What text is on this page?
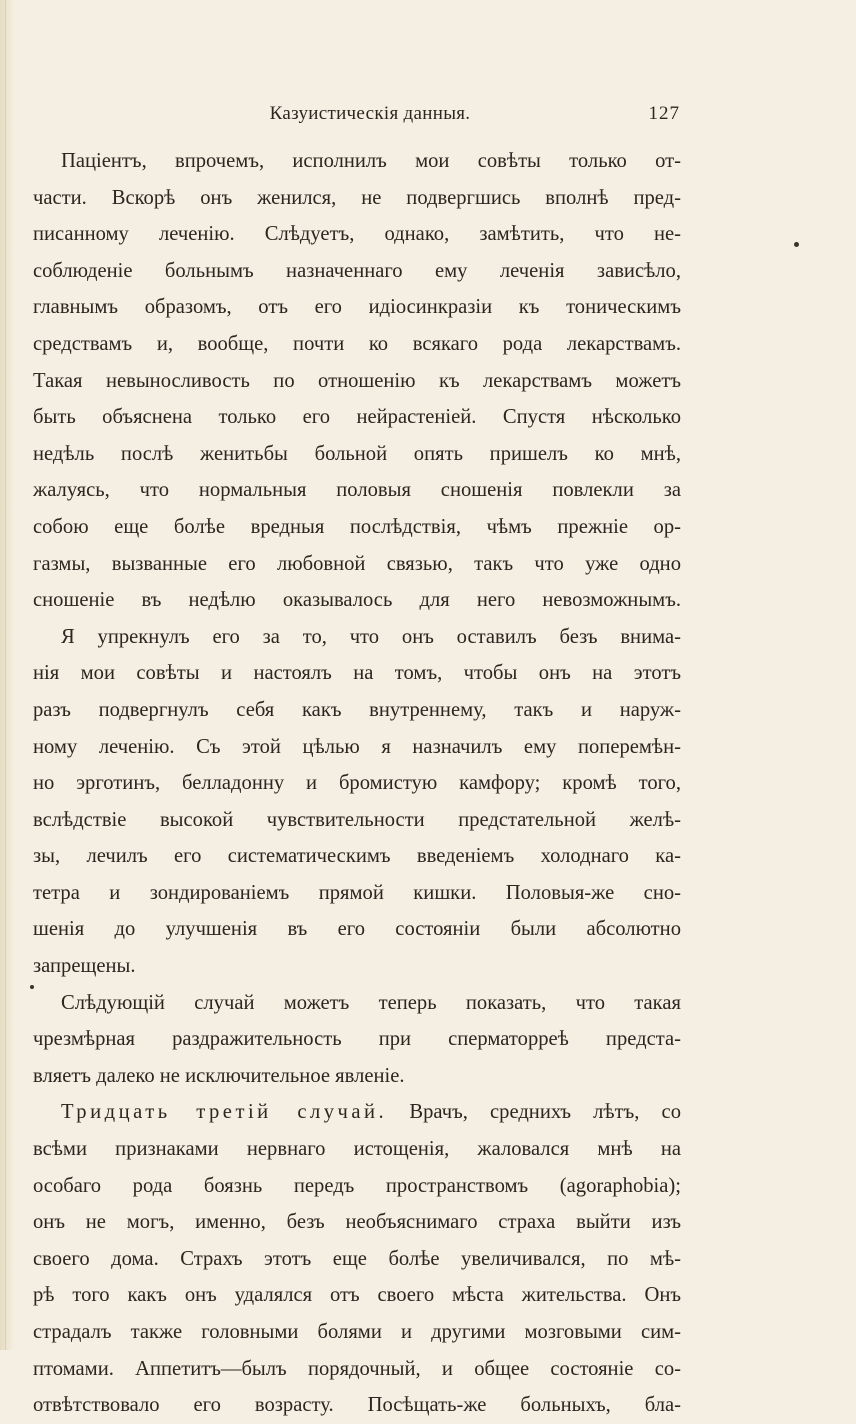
Казуистическія данныя.	127
Паціентъ, впрочемъ, исполнилъ мои совѣты только от-
части. Вскорѣ онъ женился, не подвергшись вполнѣ пред-
писанному леченію. Слѣдуетъ, однако, замѣтить, что не-
соблюденіе больнымъ назначеннаго ему леченія зависѣло,
главнымъ образомъ, отъ его идіосинкразіи къ тоническимъ
средствамъ и, вообще, почти ко всякаго рода лекарствамъ.
Такая невыносливость по отношенію къ лекарствамъ можетъ
быть объяснена только его нейрастеніей. Спустя нѣсколько
недѣль послѣ женитьбы больной опять пришелъ ко мнѣ,
жалуясь, что нормальныя половыя сношенія повлекли за
собою еще болѣе вредныя послѣдствія, чѣмъ прежніе ор-
газмы, вызванные его любовной связью, такъ что уже одно
сношеніе въ недѣлю оказывалось для него невозможнымъ.
Я упрекнулъ его за то, что онъ оставилъ безъ внима-
нія мои совѣты и настоялъ на томъ, чтобы онъ на этотъ
разъ подвергнулъ себя какъ внутреннему, такъ и наруж-
ному леченію. Съ этой цѣлью я назначилъ ему поперемѣн-
но эрготинъ, белладонну и бромистую камфору; кромѣ того,
вслѣдствіе высокой чувствительности предстательной желѣ-
зы, лечилъ его систематическимъ введеніемъ холоднаго ка-
тетра и зондированіемъ прямой кишки. Половыя-же сно-
шенія до улучшенія въ его состояніи были абсолютно
запрещены.
Слѣдующій случай можетъ теперь показать, что такая
чрезмѣрная раздражительность при сперматорреѣ предста-
вляетъ далеко не исключительное явленіе.
Тридцать третій случай. Врачъ, среднихъ лѣтъ, со
всѣми признаками нервнаго истощенія, жаловался мнѣ на
особаго рода боязнь передъ пространствомъ (agoraphobia);
онъ не могъ, именно, безъ необъяснимаго страха выйти изъ
своего дома. Страхъ этотъ еще болѣе увеличивался, по мѣ-
рѣ того какъ онъ удалялся отъ своего мѣста жительства. Онъ
страдалъ также головными болями и другими мозговыми сим-
птомами. Аппетитъ—былъ порядочный, и общее состояніе со-
отвѣтствовало его возрасту. Посѣщать-же больныхъ, бла-
